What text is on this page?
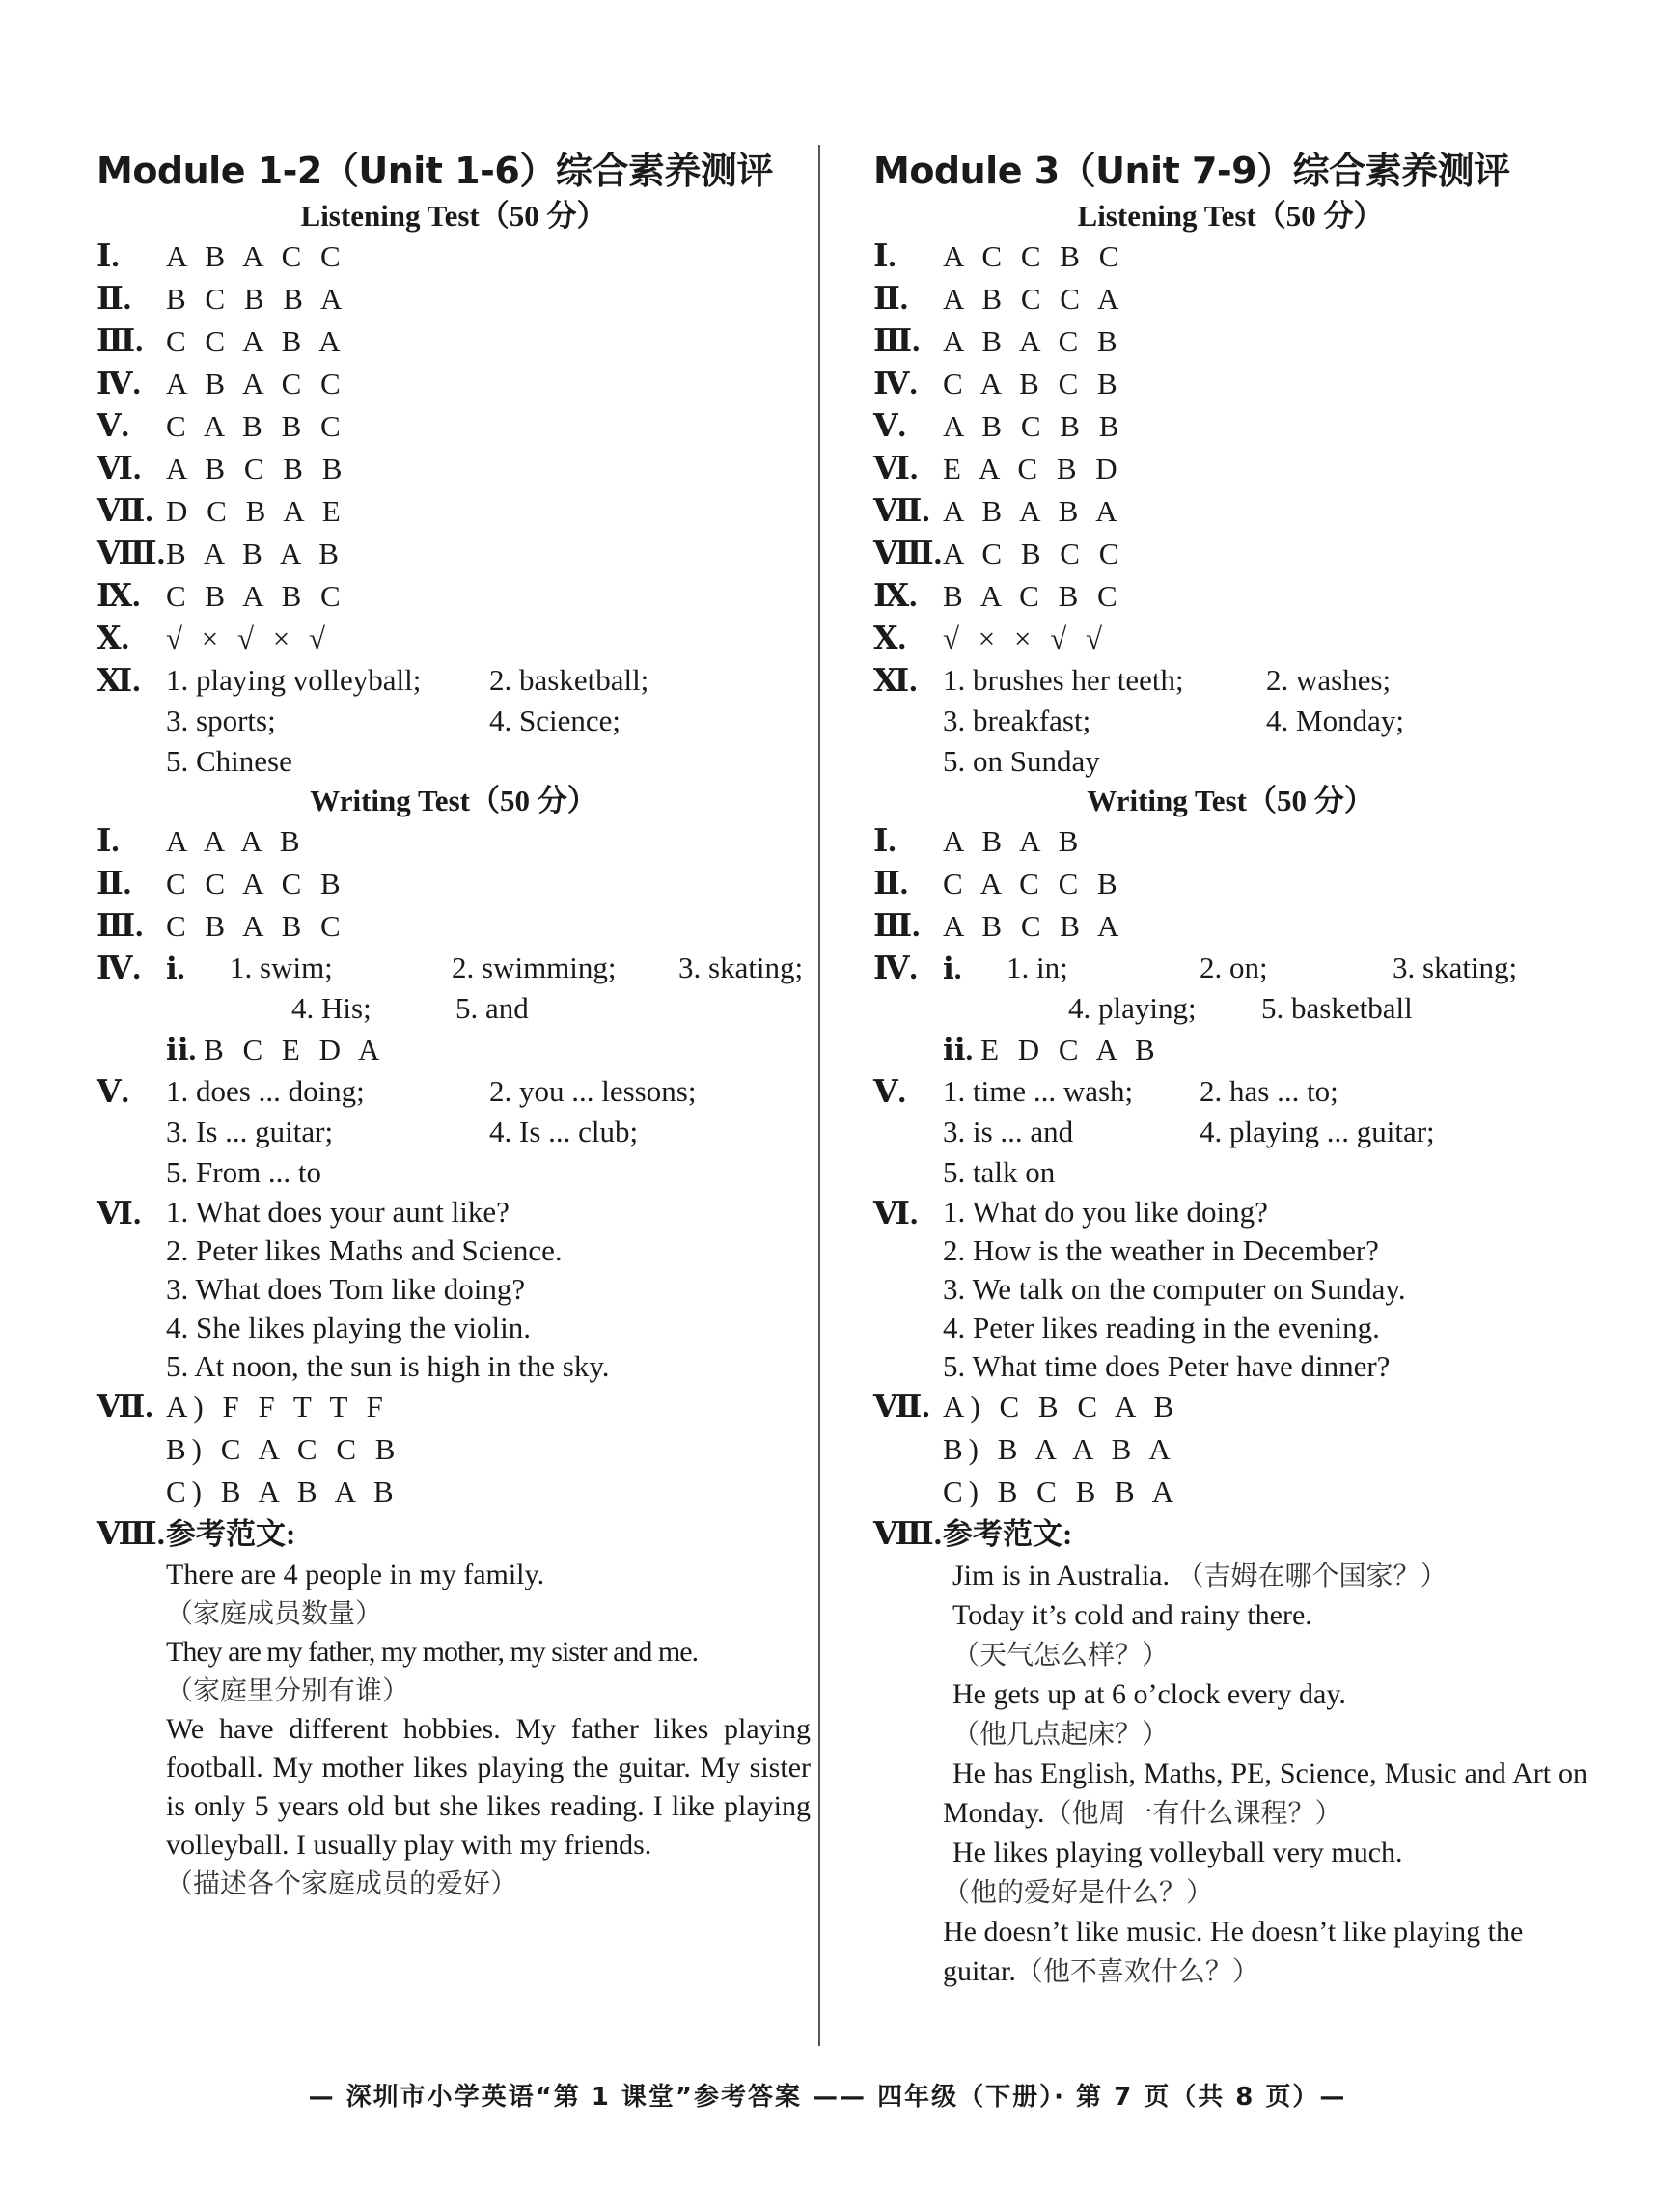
Module 1-2（Unit 1-6）综合素养测评
Listening Test（50 分）
Ⅰ.	A B A C C
Ⅱ.	B C B B A
Ⅲ. C C A B A
Ⅳ. A B A C C
Ⅴ.	C A B B C
Ⅵ. A B C B B
Ⅶ. D C B A E
Ⅷ. B A B A B
Ⅸ. C B A B C
Ⅹ.	√ × √ × √
Ⅺ. 1. playing volleyball;	2. basketball;
3. sports;	4. Science;
5. Chinese
Writing Test（50 分）
Ⅰ.	A A A B
Ⅱ.	C C A C B
Ⅲ. C B A B C
Ⅳ. ⅰ. 1. swim;	2. swimming;	3. skating;
4. His;	5. and
ⅱ. B C E D A
Ⅴ.	1. does ... doing;	2. you ... lessons;
3. Is ... guitar;	4. Is ... club;
5. From ... to
Ⅵ. 1. What does your aunt like?
2. Peter likes Maths and Science.
3. What does Tom like doing?
4. She likes playing the violin.
5. At noon, the sun is high in the sky.
Ⅶ. A) F F T T F
B) C A C C B
C) B A B A B
Ⅷ. 参考范文:

There are 4 people in my family.

（家庭成员数量）

They are my father, my mother, my sister and me.

（家庭里分别有谁）

We have different hobbies. My father likes playing football. My mother likes playing the guitar. My sister is only 5 years old but she likes reading. I like playing volleyball. I usually play with my friends.

（描述各个家庭成员的爱好）

Module 3（Unit 7-9）综合素养测评
Listening Test（50 分）
Ⅰ.	A C C B C
Ⅱ.	A B C C A
Ⅲ. A B A C B
Ⅳ. C A B C B
Ⅴ.	A B C B B
Ⅵ. E A C B D
Ⅶ. A B A B A
Ⅷ. A C B C C
Ⅸ. B A C B C
Ⅹ.	√ × × √ √
Ⅺ. 1. brushes her teeth;	2. washes;
3. breakfast;	4. Monday;
5. on Sunday
Writing Test（50 分）
Ⅰ.	A B A B
Ⅱ.	C A C C B
Ⅲ. A B C B A
Ⅳ. ⅰ. 1. in;	2. on;	3. skating;
4. playing;	5. basketball
ⅱ. E D C A B
Ⅴ.	1. time ... wash;	2. has ... to;
3. is ... and	4. playing ... guitar;
5. talk on
Ⅵ. 1. What do you like doing?
2. How is the weather in December?
3. We talk on the computer on Sunday.
4. Peter likes reading in the evening.
5. What time does Peter have dinner?
Ⅶ. A) C B C A B
B) B A A B A
C) B C B B A
Ⅷ. 参考范文:

Jim is in Australia. （吉姆在哪个国家？）

Today it’s cold and rainy there.

（天气怎么样？）

He gets up at 6 o’clock every day.

（他几点起床？）

He has English, Maths, PE, Science, Music and Art on Monday.（他周一有什么课程？）

He likes playing volleyball very much.

（他的爱好是什么？）

He doesn’t like music. He doesn’t like playing the guitar.（他不喜欢什么？）

— 深圳市小学英语“第 1 课堂”参考答案 —— 四年级（下册）· 第 7 页（共 8 页）—
